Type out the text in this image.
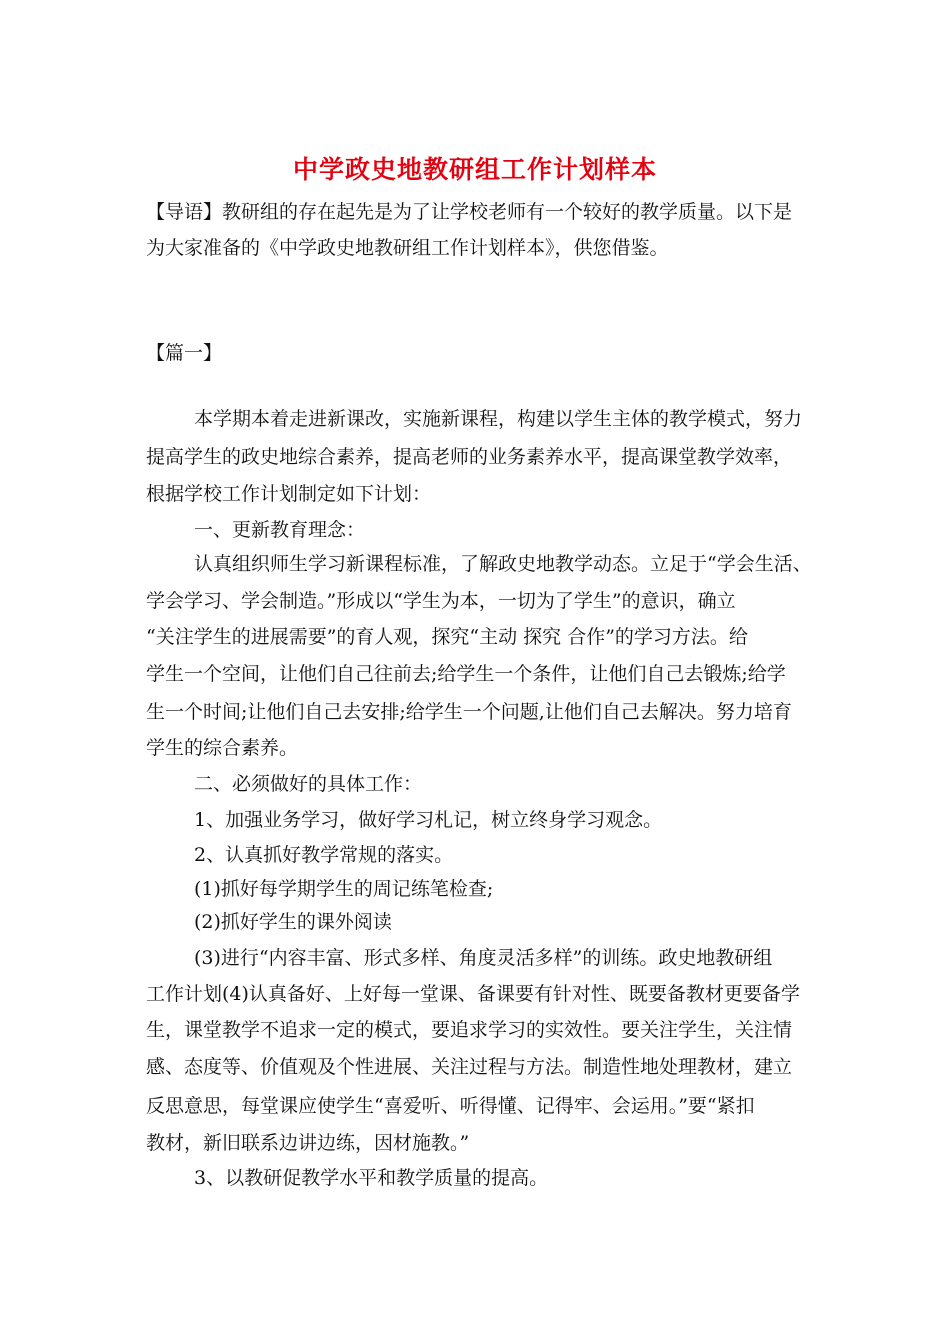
中学政史地教研组工作计划样本
【导语】教研组的存在起先是为了让学校老师有一个较好的教学质量。以下是
为大家准备的《中学政史地教研组工作计划样本》，供您借鉴。
【篇一】
本学期本着走进新课改，实施新课程，构建以学生主体的教学模式，努力
提高学生的政史地综合素养，提高老师的业务素养水平，提高课堂教学效率，
根据学校工作计划制定如下计划：
一、更新教育理念：
认真组织师生学习新课程标准，了解政史地教学动态。立足于“学会生活、
学会学习、学会制造。”形成以“学生为本，一切为了学生”的意识，确立
“关注学生的进展需要”的育人观，探究“主动 探究 合作”的学习方法。给
学生一个空间，让他们自己往前去;给学生一个条件，让他们自己去锻炼;给学
生一个时间;让他们自己去安排;给学生一个问题,让他们自己去解决。努力培育
学生的综合素养。
二、必须做好的具体工作：
1、加强业务学习，做好学习札记，树立终身学习观念。
2、认真抓好教学常规的落实。
(1)抓好每学期学生的周记练笔检查;
(2)抓好学生的课外阅读
(3)进行“内容丰富、形式多样、角度灵活多样”的训练。政史地教研组
工作计划(4)认真备好、上好每一堂课、备课要有针对性、既要备教材更要备学
生，课堂教学不追求一定的模式，要追求学习的实效性。要关注学生，关注情
感、态度等、价值观及个性进展、关注过程与方法。制造性地处理教材，建立
反思意思，每堂课应使学生“喜爱听、听得懂、记得牢、会运用。”要“紧扣
教材，新旧联系边讲边练，因材施教。”
3、以教研促教学水平和教学质量的提高。
